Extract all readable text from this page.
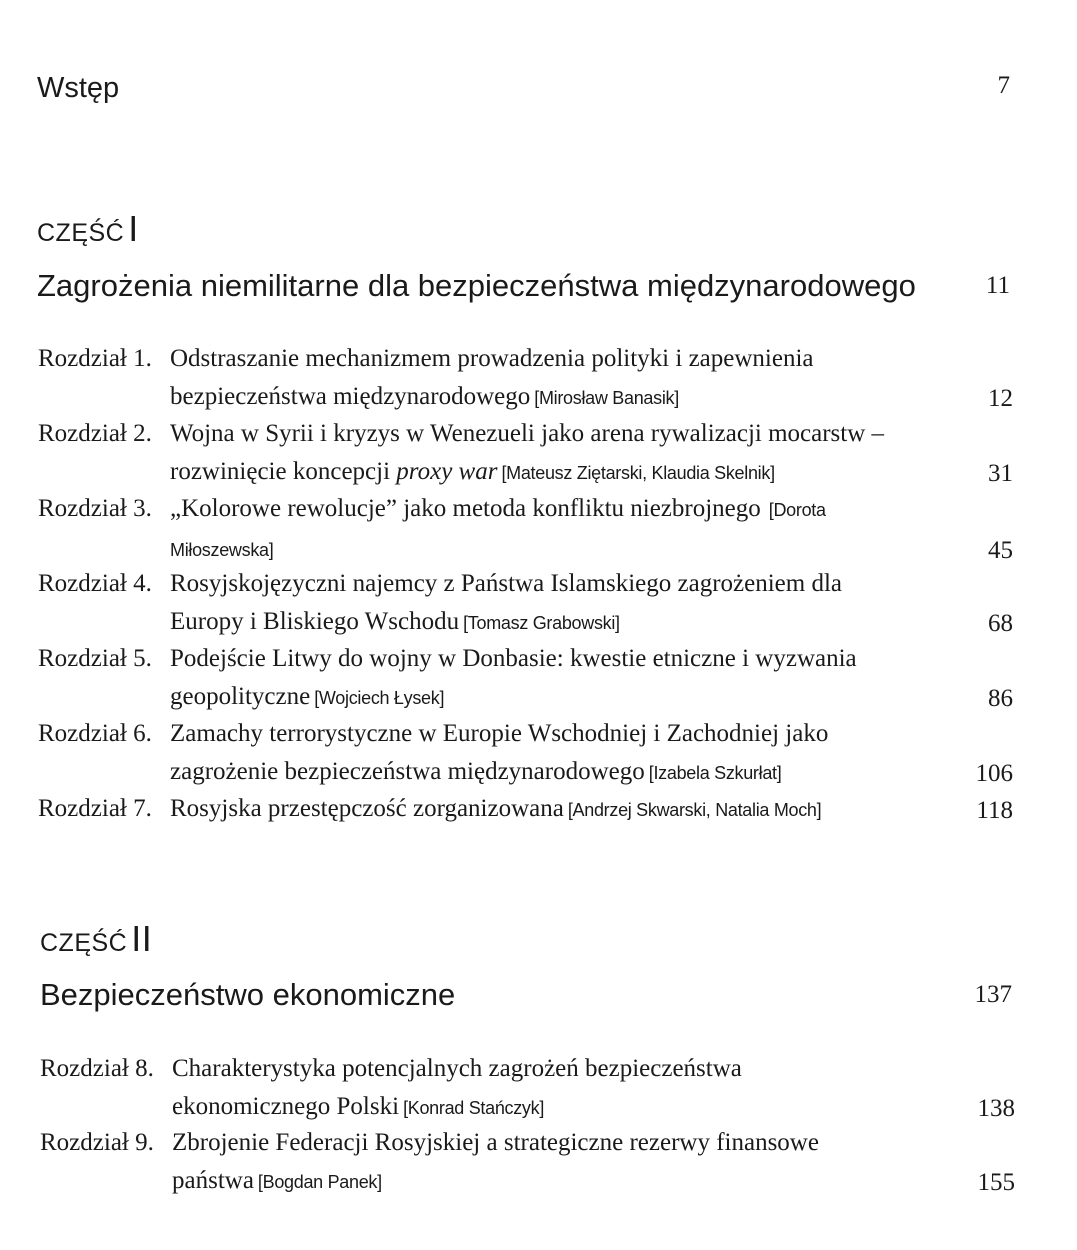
Wstęp	7
CZĘŚĆ I
Zagrożenia niemilitarne dla bezpieczeństwa międzynarodowego	11
Rozdział 1. Odstraszanie mechanizmem prowadzenia polityki i zapewnienia bezpieczeństwa międzynarodowego [Mirosław Banasik]	12
Rozdział 2. Wojna w Syrii i kryzys w Wenezueli jako arena rywalizacji mocarstw – rozwinięcie koncepcji proxy war [Mateusz Ziętarski, Klaudia Skelnik]	31
Rozdział 3. „Kolorowe rewolucje” jako metoda konfliktu niezbrojnego [Dorota Miłoszewska]	45
Rozdział 4. Rosyjskojęzyczni najemcy z Państwa Islamskiego zagrożeniem dla Europy i Bliskiego Wschodu [Tomasz Grabowski]	68
Rozdział 5. Podejście Litwy do wojny w Donbasie: kwestie etniczne i wyzwania geopolityczne [Wojciech Łysek]	86
Rozdział 6. Zamachy terrorystyczne w Europie Wschodniej i Zachodniej jako zagrożenie bezpieczeństwa międzynarodowego [Izabela Szkurłat]	106
Rozdział 7. Rosyjska przestępczość zorganizowana [Andrzej Skwarski, Natalia Moch]	118
CZĘŚĆ II
Bezpieczeństwo ekonomiczne	137
Rozdział 8. Charakterystyka potencjalnych zagrożeń bezpieczeństwa ekonomicznego Polski [Konrad Stańczyk]	138
Rozdział 9. Zbrojenie Federacji Rosyjskiej a strategiczne rezerwy finansowe państwa [Bogdan Panek]	155
